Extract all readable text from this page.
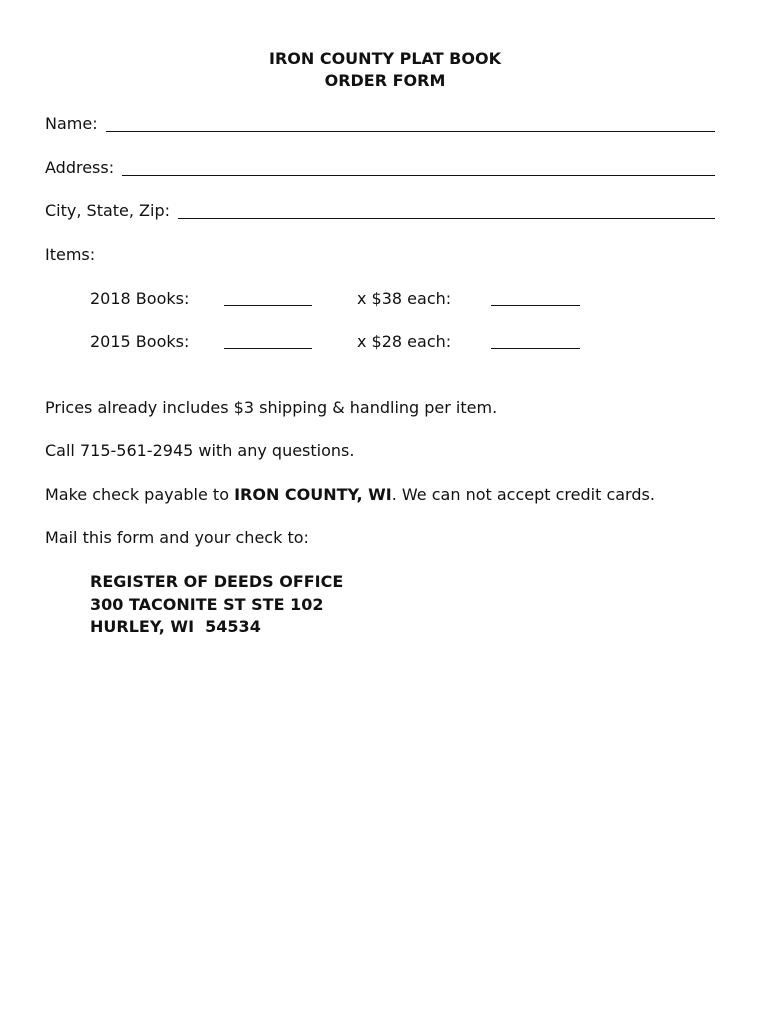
IRON COUNTY PLAT BOOK
ORDER FORM
Name:
Address:
City, State, Zip:
Items:
2018 Books:	x $38 each:
2015 Books:	x $28 each:
Prices already includes $3 shipping & handling per item.
Call 715-561-2945 with any questions.
Make check payable to IRON COUNTY, WI. We can not accept credit cards.
Mail this form and your check to:
REGISTER OF DEEDS OFFICE
300 TACONITE ST STE 102
HURLEY, WI  54534
